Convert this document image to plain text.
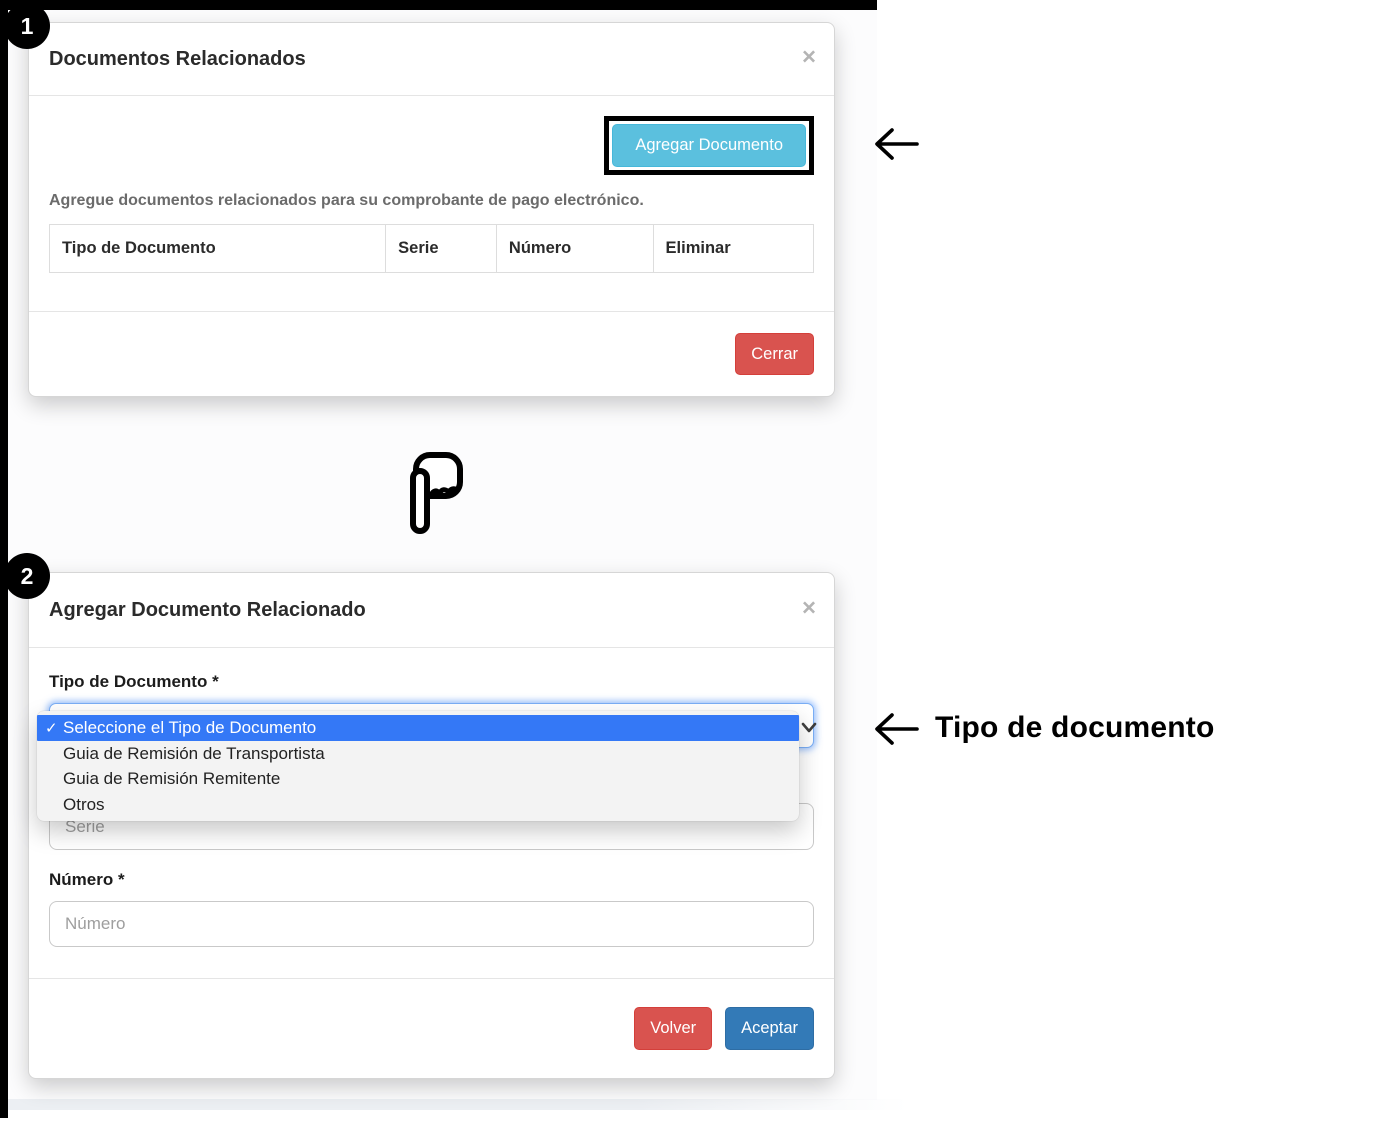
Documentos Relacionados	×
Agregar Documento
Agregue documentos relacionados para su comprobante de pago electrónico.
Tipo de Documento	Serie	Número	Eliminar
Cerrar
Agregar Documento Relacionado	×
Tipo de Documento *
Serie
Número *
Número
Volver	Aceptar
✓ Seleccione el Tipo de Documento
Guia de Remisión de Transportista
Guia de Remisión Remitente
Otros
1
2
Tipo de documento
